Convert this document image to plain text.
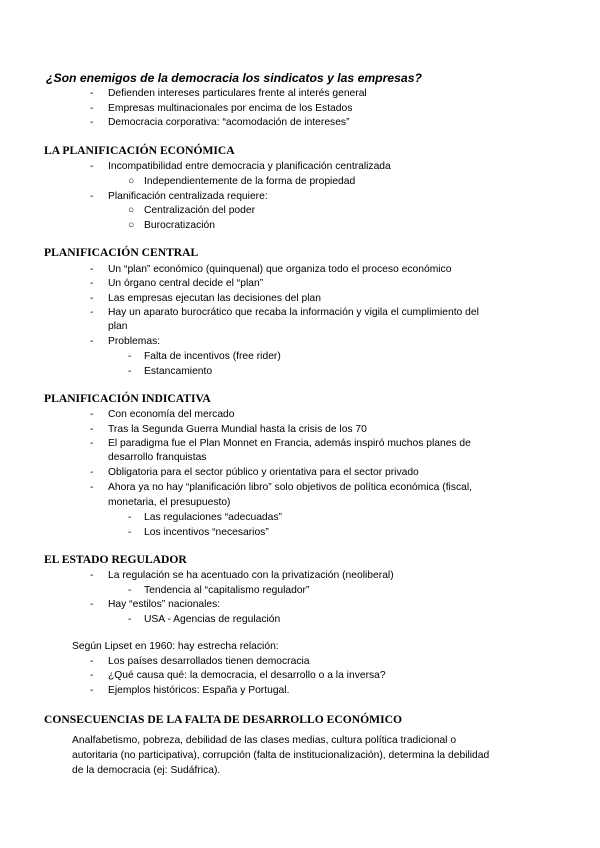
¿Son enemigos de la democracia los sindicatos y las empresas?
- Defienden intereses particulares frente al interés general
- Empresas multinacionales por encima de los Estados
- Democracia corporativa: “acomodación de intereses”
LA PLANIFICACIÓN ECONÓMICA
- Incompatibilidad entre democracia y planificación centralizada
○ Independientemente de la forma de propiedad
- Planificación centralizada requiere:
○ Centralización del poder
○ Burocratización
PLANIFICACIÓN CENTRAL
- Un “plan” económico (quinquenal) que organiza todo el proceso económico
- Un órgano central decide el “plan”
- Las empresas ejecutan las decisiones del plan
- Hay un aparato burocrático que recaba la información y vigila el cumplimiento del
plan
- Problemas:
- Falta de incentivos (free rider)
- Estancamiento
PLANIFICACIÓN INDICATIVA
- Con economía del mercado
- Tras la Segunda Guerra Mundial hasta la crisis de los 70
- El paradigma fue el Plan Monnet en Francia, además inspiró muchos planes de
desarrollo franquistas
- Obligatoria para el sector público y orientativa para el sector privado
- Ahora ya no hay “planificación libro” solo objetivos de política económica (fiscal,
monetaria, el presupuesto)
- Las regulaciones “adecuadas”
- Los incentivos “necesarios”
EL ESTADO REGULADOR
- La regulación se ha acentuado con la privatización (neoliberal)
- Tendencia al “capitalismo regulador”
- Hay “estilos” nacionales:
- USA - Agencias de regulación
Según Lipset en 1960: hay estrecha relación:
- Los países desarrollados tienen democracia
- ¿Qué causa qué: la democracia, el desarrollo o a la inversa?
- Ejemplos históricos: España y Portugal.
CONSECUENCIAS DE LA FALTA DE DESARROLLO ECONÓMICO
Analfabetismo, pobreza, debilidad de las clases medias, cultura política tradicional o
autoritaria (no participativa), corrupción (falta de institucionalización), determina la debilidad
de la democracia (ej: Sudáfrica).
